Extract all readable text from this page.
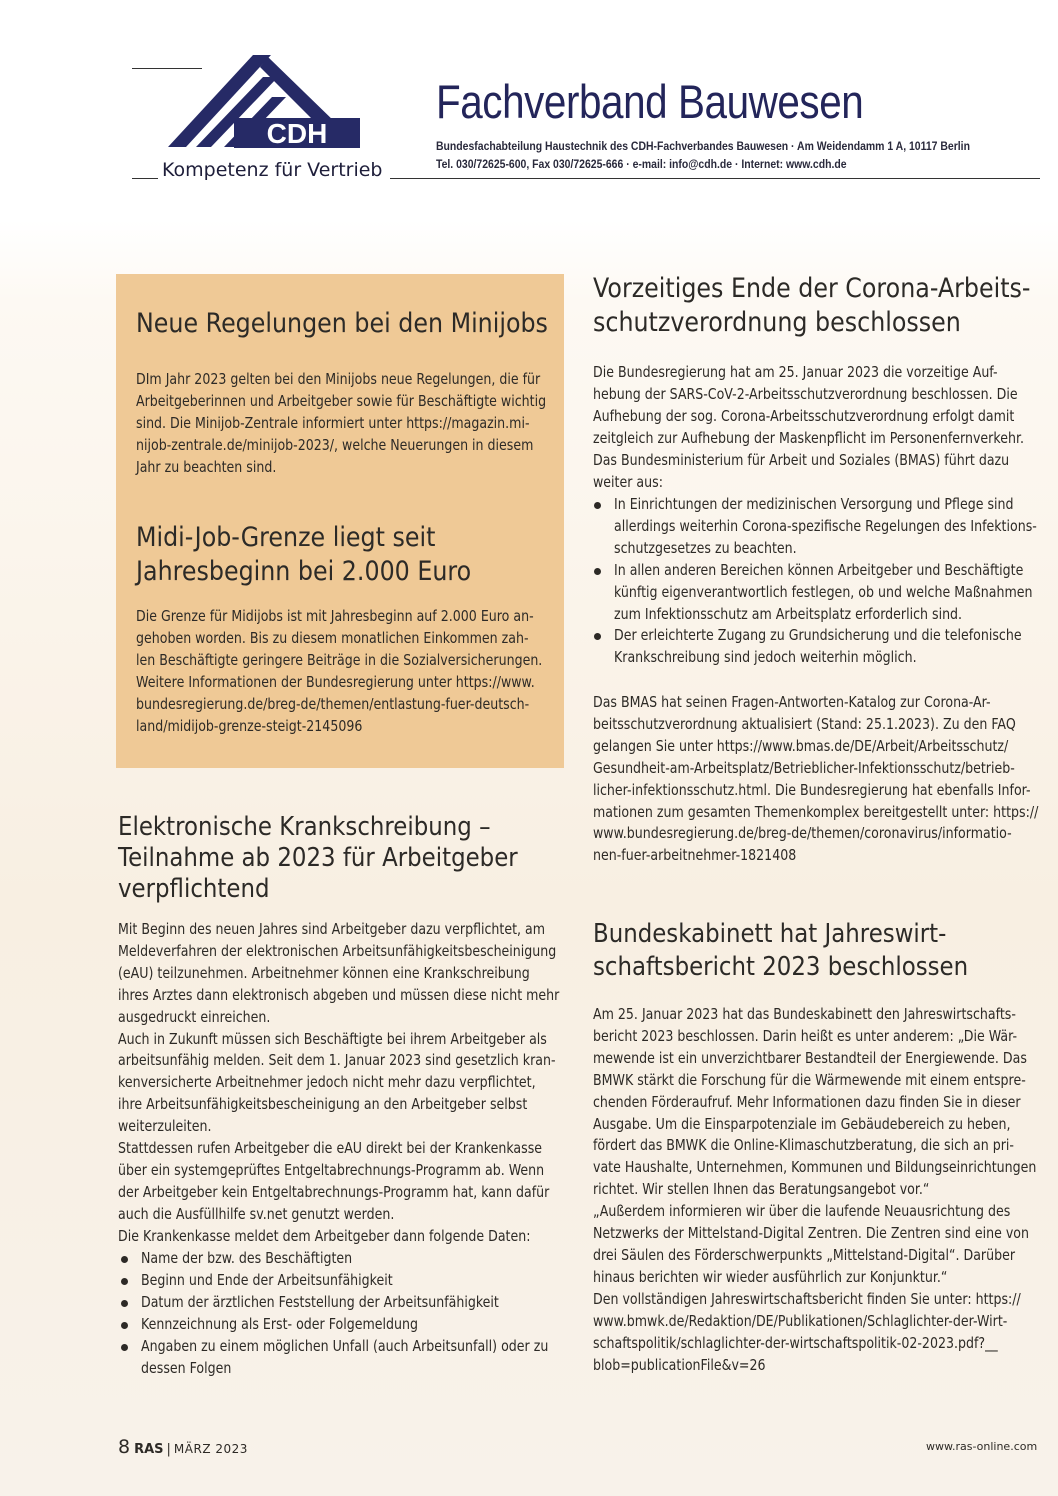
CDH
Kompetenz für Vertrieb
Fachverband Bauwesen
Bundesfachabteilung Haustechnik des CDH-Fachverbandes Bauwesen · Am Weidendamm 1 A, 10117 Berlin
Tel. 030/72625-600, Fax 030/72625-666 · e-mail: info@cdh.de · Internet: www.cdh.de
Neue Regelungen bei den Minijobs
DIm Jahr 2023 gelten bei den Minijobs neue Regelungen, die für
Arbeitgeberinnen und Arbeitgeber sowie für Beschäftigte wichtig
sind. Die Minijob-Zentrale informiert unter https://magazin.mi-
nijob-zentrale.de/minijob-2023/, welche Neuerungen in diesem
Jahr zu beachten sind.
Midi-Job-Grenze liegt seit
Jahresbeginn bei 2.000 Euro
Die Grenze für Midijobs ist mit Jahresbeginn auf 2.000 Euro an-
gehoben worden. Bis zu diesem monatlichen Einkommen zah-
len Beschäftigte geringere Beiträge in die Sozialversicherungen.
Weitere Informationen der Bundesregierung unter https://www.
bundesregierung.de/breg-de/themen/entlastung-fuer-deutsch-
land/midijob-grenze-steigt-2145096
Elektronische Krankschreibung –
Teilnahme ab 2023 für Arbeitgeber
verpflichtend
Mit Beginn des neuen Jahres sind Arbeitgeber dazu verpflichtet, am
Meldeverfahren der elektronischen Arbeitsunfähigkeitsbescheinigung
(eAU) teilzunehmen. Arbeitnehmer können eine Krankschreibung
ihres Arztes dann elektronisch abgeben und müssen diese nicht mehr
ausgedruckt einreichen.
Auch in Zukunft müssen sich Beschäftigte bei ihrem Arbeitgeber als
arbeitsunfähig melden. Seit dem 1. Januar 2023 sind gesetzlich kran-
kenversicherte Arbeitnehmer jedoch nicht mehr dazu verpflichtet,
ihre Arbeitsunfähigkeitsbescheinigung an den Arbeitgeber selbst
weiterzuleiten.
Stattdessen rufen Arbeitgeber die eAU direkt bei der Krankenkasse
über ein systemgeprüftes Entgeltabrechnungs-Programm ab. Wenn
der Arbeitgeber kein Entgeltabrechnungs-Programm hat, kann dafür
auch die Ausfüllhilfe sv.net genutzt werden.
Die Krankenkasse meldet dem Arbeitgeber dann folgende Daten:
Name der bzw. des Beschäftigten
Beginn und Ende der Arbeitsunfähigkeit
Datum der ärztlichen Feststellung der Arbeitsunfähigkeit
Kennzeichnung als Erst- oder Folgemeldung
Angaben zu einem möglichen Unfall (auch Arbeitsunfall) oder zu
dessen Folgen
Vorzeitiges Ende der Corona-Arbeits-
schutzverordnung beschlossen
Die Bundesregierung hat am 25. Januar 2023 die vorzeitige Auf-
hebung der SARS-CoV-2-Arbeitsschutzverordnung beschlossen. Die
Aufhebung der sog. Corona-Arbeitsschutzverordnung erfolgt damit
zeitgleich zur Aufhebung der Maskenpflicht im Personenfernverkehr.
Das Bundesministerium für Arbeit und Soziales (BMAS) führt dazu
weiter aus:
In Einrichtungen der medizinischen Versorgung und Pflege sind
allerdings weiterhin Corona-spezifische Regelungen des Infektions-
schutzgesetzes zu beachten.
In allen anderen Bereichen können Arbeitgeber und Beschäftigte
künftig eigenverantwortlich festlegen, ob und welche Maßnahmen
zum Infektionsschutz am Arbeitsplatz erforderlich sind.
Der erleichterte Zugang zu Grundsicherung und die telefonische
Krankschreibung sind jedoch weiterhin möglich.
Das BMAS hat seinen Fragen-Antworten-Katalog zur Corona-Ar-
beitsschutzverordnung aktualisiert (Stand: 25.1.2023). Zu den FAQ
gelangen Sie unter https://www.bmas.de/DE/Arbeit/Arbeitsschutz/
Gesundheit-am-Arbeitsplatz/Betrieblicher-Infektionsschutz/betrieb-
licher-infektionsschutz.html. Die Bundesregierung hat ebenfalls Infor-
mationen zum gesamten Themenkomplex bereitgestellt unter: https://
www.bundesregierung.de/breg-de/themen/coronavirus/informatio-
nen-fuer-arbeitnehmer-1821408
Bundeskabinett hat Jahreswirt-
schaftsbericht 2023 beschlossen
Am 25. Januar 2023 hat das Bundeskabinett den Jahreswirtschafts-
bericht 2023 beschlossen. Darin heißt es unter anderem: „Die Wär-
mewende ist ein unverzichtbarer Bestandteil der Energiewende. Das
BMWK stärkt die Forschung für die Wärmewende mit einem entspre-
chenden Förderaufruf. Mehr Informationen dazu finden Sie in dieser
Ausgabe. Um die Einsparpotenziale im Gebäudebereich zu heben,
fördert das BMWK die Online-Klimaschutzberatung, die sich an pri-
vate Haushalte, Unternehmen, Kommunen und Bildungseinrichtungen
richtet. Wir stellen Ihnen das Beratungsangebot vor.“
„Außerdem informieren wir über die laufende Neuausrichtung des
Netzwerks der Mittelstand-Digital Zentren. Die Zentren sind eine von
drei Säulen des Förderschwerpunkts „Mittelstand-Digital“. Darüber
hinaus berichten wir wieder ausführlich zur Konjunktur.“
Den vollständigen Jahreswirtschaftsbericht finden Sie unter: https://
www.bmwk.de/Redaktion/DE/Publikationen/Schlaglichter-der-Wirt-
schaftspolitik/schlaglichter-der-wirtschaftspolitik-02-2023.pdf?__
blob=publicationFile&v=26
8 RAS | MÄRZ 2023	www.ras-online.com
